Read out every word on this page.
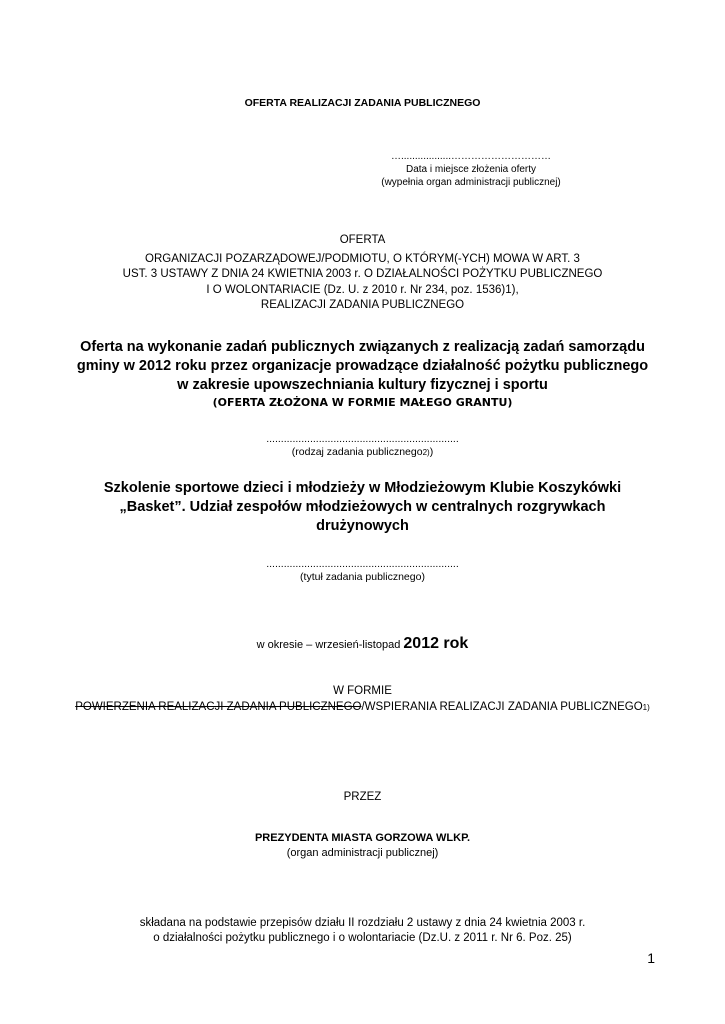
OFERTA REALIZACJI ZADANIA PUBLICZNEGO
…..................…………………………
Data i miejsce złożenia oferty
(wypełnia organ administracji publicznej)
OFERTA
ORGANIZACJI POZARZĄDOWEJ/PODMIOTU, O KTÓRYM(-YCH) MOWA W ART. 3
UST. 3 USTAWY Z DNIA 24 KWIETNIA 2003 r. O DZIAŁALNOŚCI POŻYTKU PUBLICZNEGO
I O WOLONTARIACIE (Dz. U. z 2010 r. Nr 234, poz. 1536)1),
REALIZACJI ZADANIA PUBLICZNEGO
Oferta na wykonanie zadań publicznych związanych z realizacją zadań samorządu
gminy w 2012 roku przez organizacje prowadzące działalność pożytku publicznego
w zakresie upowszechniania kultury fizycznej i sportu
(OFERTA ZŁOŻONA W FORMIE MAŁEGO GRANTU)
..................................................................
(rodzaj zadania publicznego2))
Szkolenie sportowe dzieci i młodzieży w Młodzieżowym Klubie Koszykówki
„Basket”. Udział zespołów młodzieżowych w centralnych rozgrywkach
drużynowych
..................................................................
(tytuł zadania publicznego)
w okresie – wrzesień-listopad 2012 rok
W FORMIE
POWIERZENIA REALIZACJI ZADANIA PUBLICZNEGO/WSPIERANIA REALIZACJI ZADANIA PUBLICZNEGO1)
PRZEZ
PREZYDENTA MIASTA GORZOWA WLKP.
(organ administracji publicznej)
składana na podstawie przepisów działu II rozdziału 2 ustawy z dnia 24 kwietnia 2003 r.
o działalności pożytku publicznego i o wolontariacie (Dz.U. z 2011 r. Nr 6. Poz. 25)
1
